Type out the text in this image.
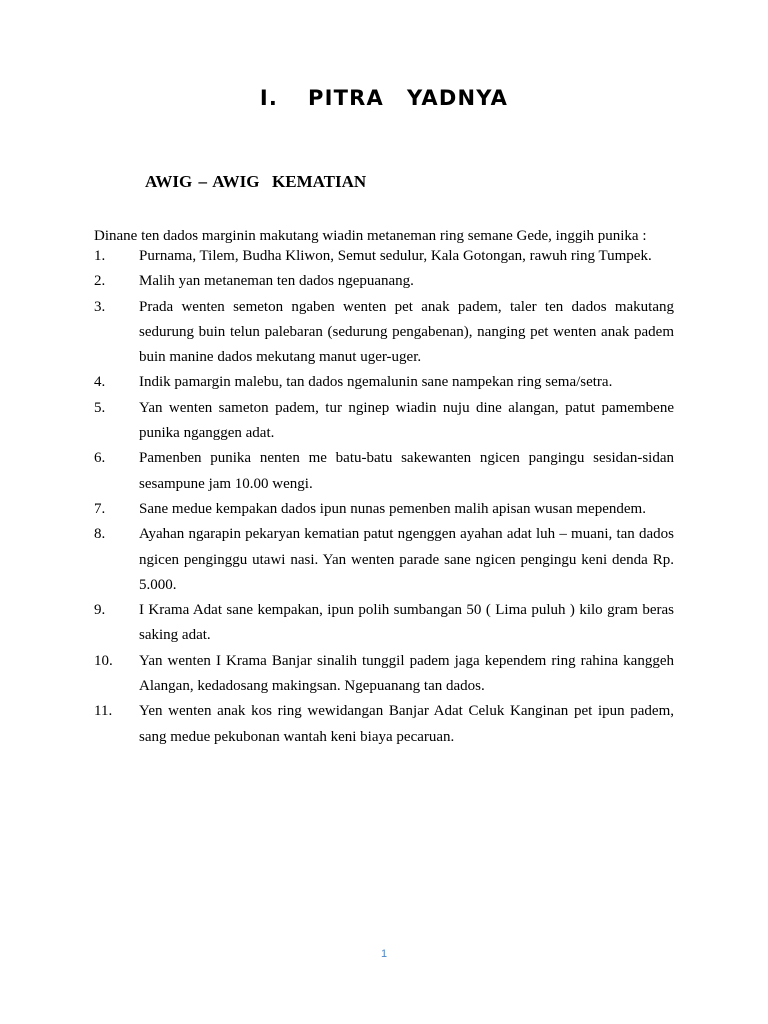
I. PITRA  YADNYA
AWIG – AWIG  KEMATIAN

Dinane ten dados marginin makutang wiadin metaneman ring semane Gede, inggih punika :

1.	Purnama, Tilem, Budha Kliwon, Semut sedulur, Kala Gotongan, rawuh ring Tumpek.
2.	Malih yan metaneman ten dados ngepuanang.
3.	Prada wenten semeton ngaben wenten pet anak padem, taler ten dados makutang sedurung buin telun palebaran (sedurung pengabenan), nanging pet wenten anak padem buin manine dados mekutang manut uger-uger.
4.	Indik pamargin malebu, tan dados ngemalunin sane nampekan ring sema/setra.
5.	Yan wenten sameton padem, tur nginep wiadin nuju dine alangan, patut pamembene punika nganggen adat.
6.	Pamenben punika nenten me batu-batu sakewanten ngicen pangingu sesidan-sidan sesampune jam 10.00 wengi.
7.	Sane medue kempakan dados ipun nunas pemenben malih apisan wusan mependem.
8.	Ayahan ngarapin pekaryan kematian patut ngenggen ayahan adat luh – muani, tan dados ngicen penginggu utawi nasi. Yan wenten parade sane ngicen pengingu keni denda Rp. 5.000.
9.	I Krama Adat sane kempakan, ipun polih sumbangan 50 ( Lima puluh ) kilo gram beras saking adat.
10.	Yan wenten I Krama Banjar sinalih tunggil padem jaga kependem ring rahina kanggeh Alangan, kedadosang makingsan. Ngepuanang tan dados.
11.	Yen wenten anak kos ring wewidangan Banjar Adat Celuk Kanginan pet ipun padem, sang medue pekubonan wantah keni biaya pecaruan.
1
